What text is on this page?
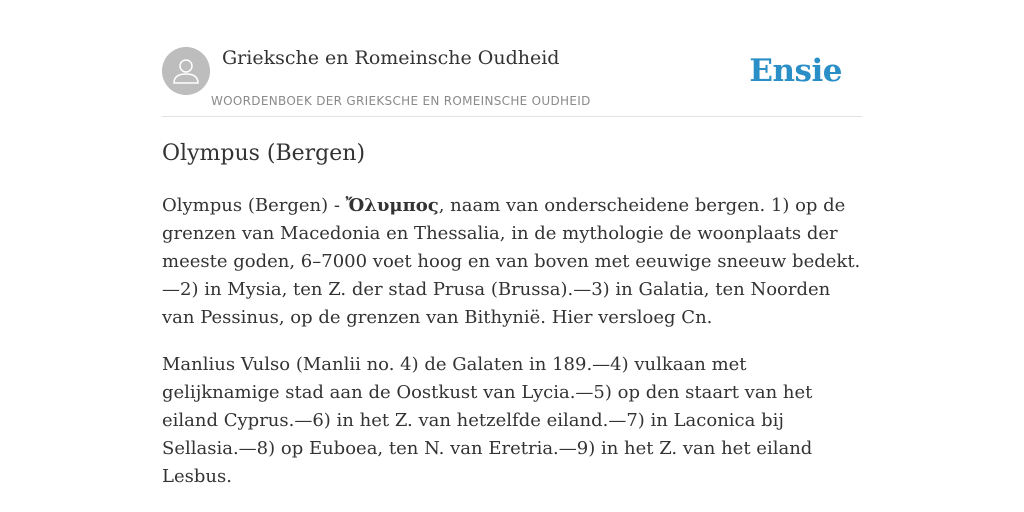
Grieksche en Romeinsche Oudheid
WOORDENBOEK DER GRIEKSCHE EN ROMEINSCHE OUDHEID
Ensie
Olympus (Bergen)

Olympus (Bergen) - Ὄλυμπος, naam van onderscheidene bergen. 1) op de grenzen van Macedonia en Thessalia, in de mythologie de woonplaats der meeste goden, 6–7000 voet hoog en van boven met eeuwige sneeuw bedekt.—2) in Mysia, ten Z. der stad Prusa (Brussa).—3) in Galatia, ten Noorden van Pessinus, op de grenzen van Bithynië. Hier versloeg Cn.

Manlius Vulso (Manlii no. 4) de Galaten in 189.—4) vulkaan met gelijknamige stad aan de Oostkust van Lycia.—5) op den staart van het eiland Cyprus.—6) in het Z. van hetzelfde eiland.—7) in Laconica bij Sellasia.—8) op Euboea, ten N. van Eretria.—9) in het Z. van het eiland Lesbus.
